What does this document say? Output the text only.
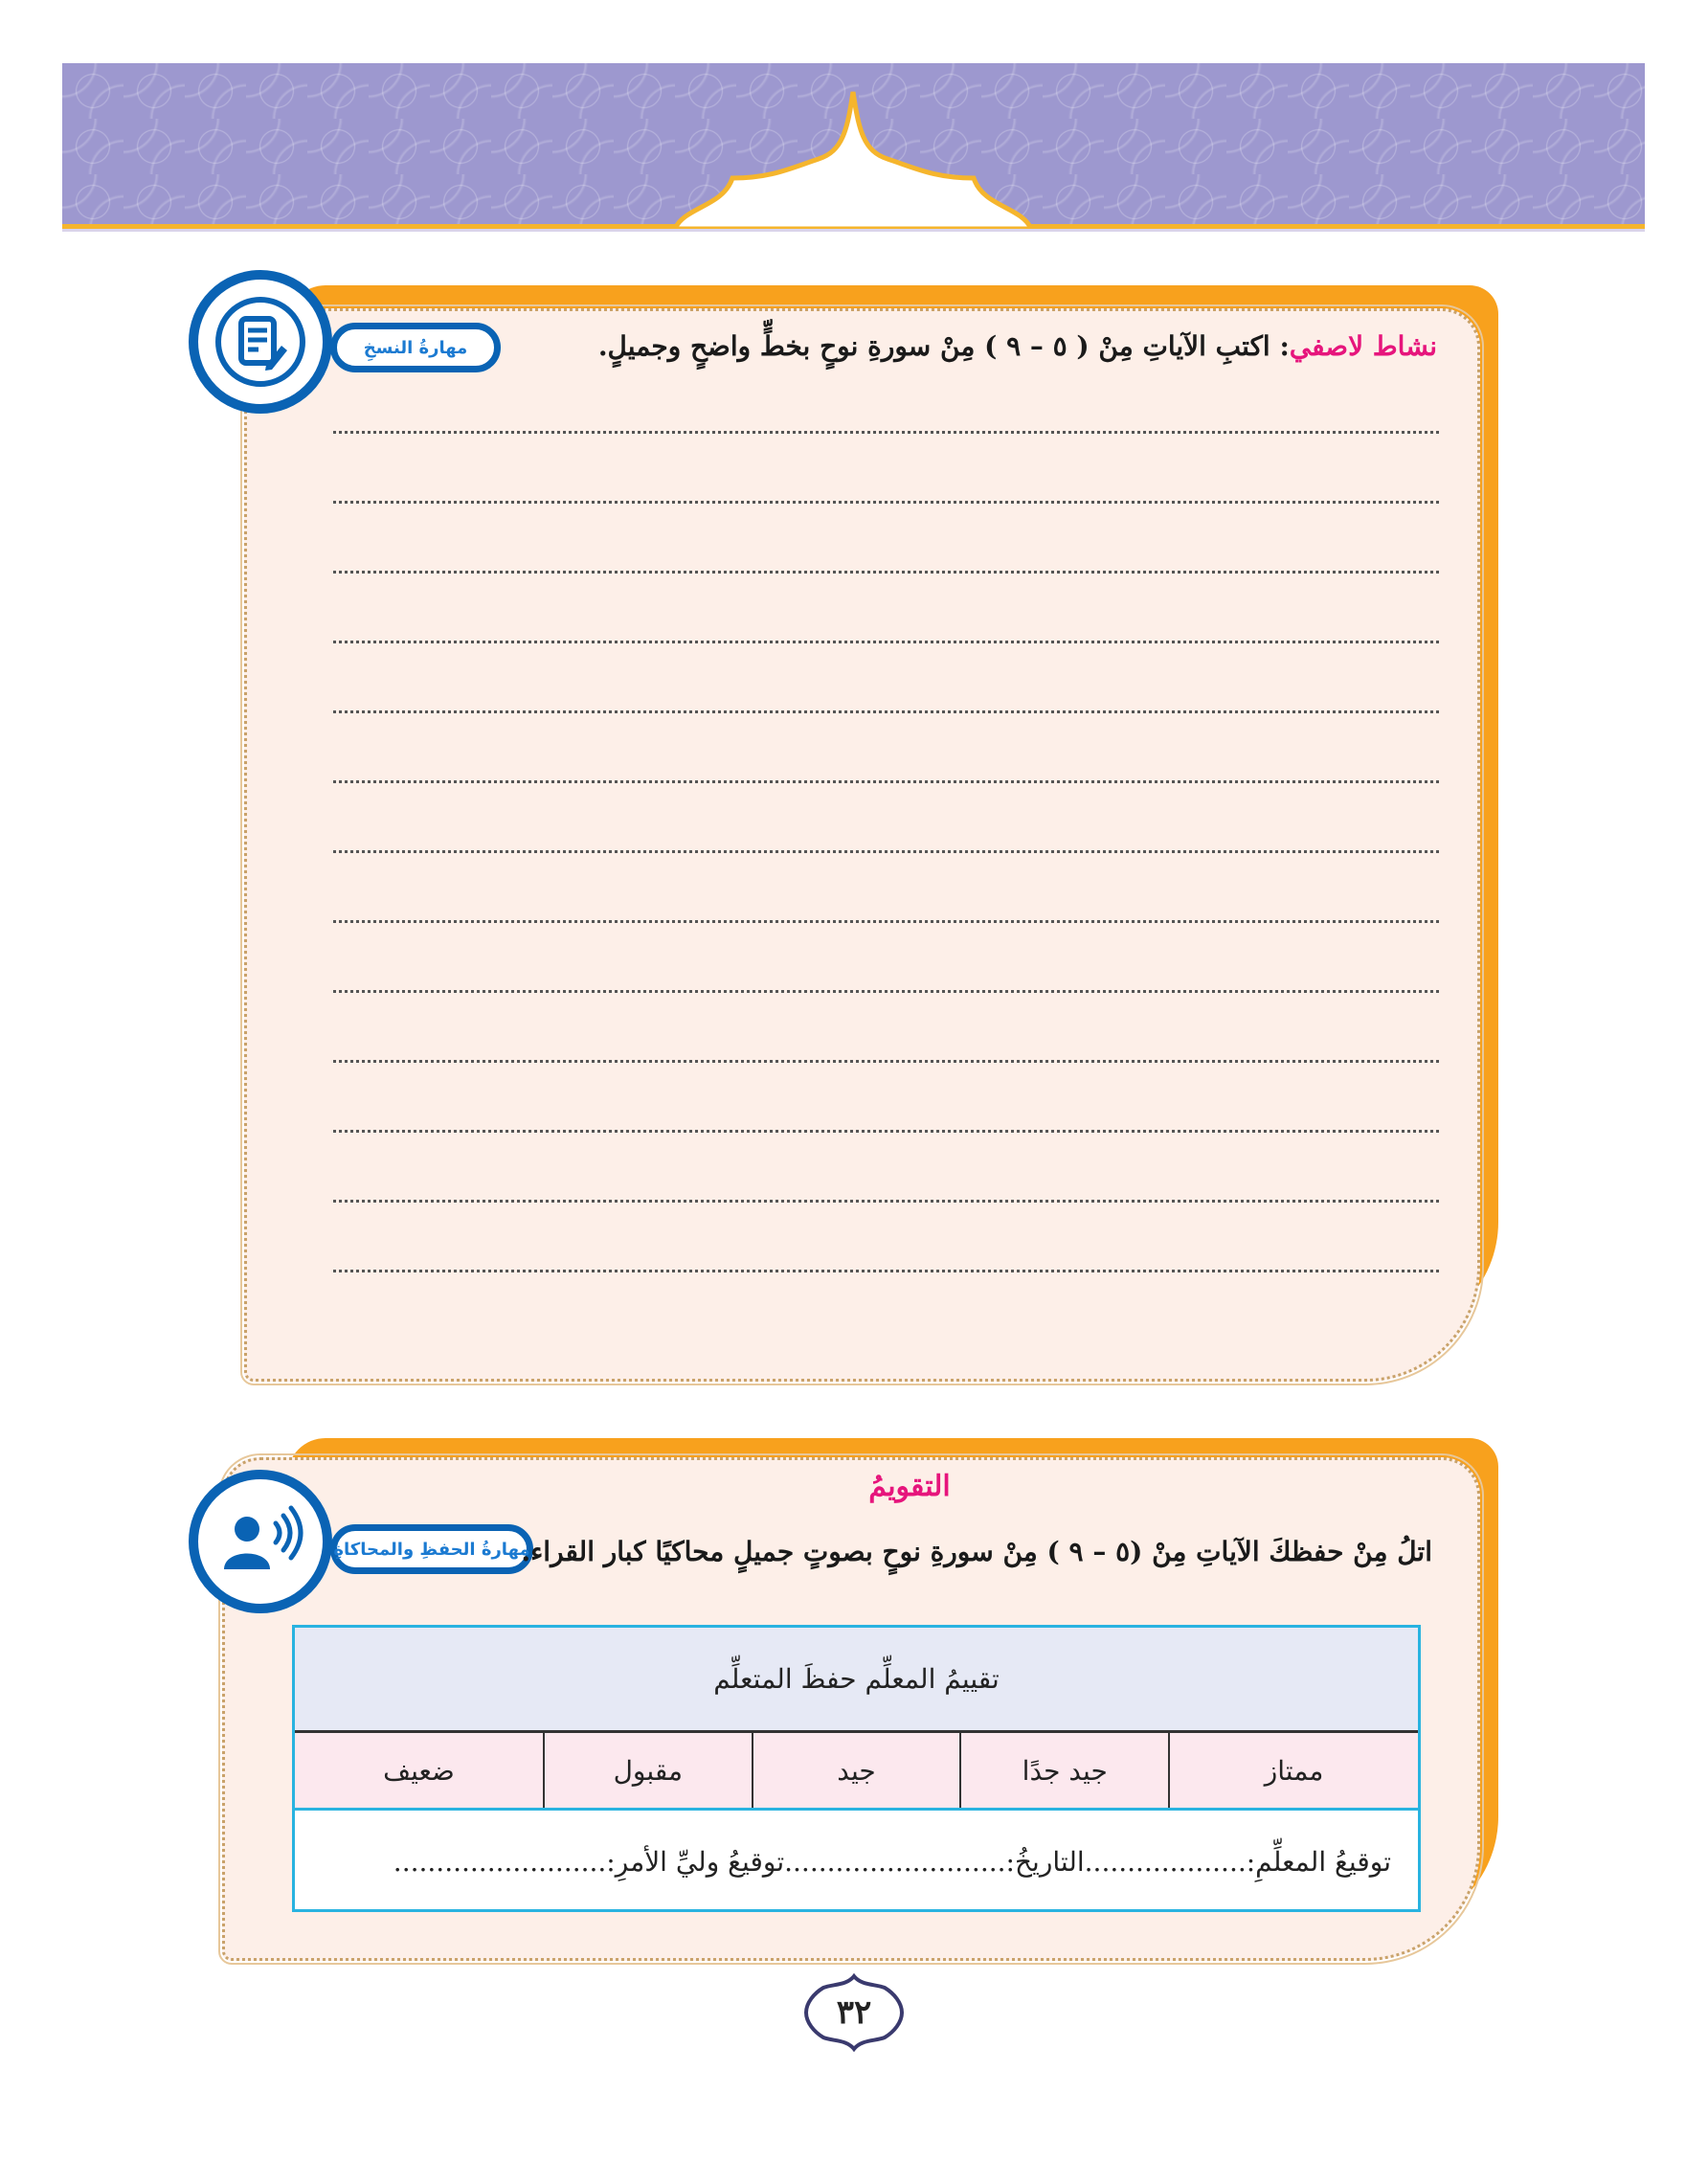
مهارةُ النسخِ	نشاط لاصفي: اكتبِ الآياتِ مِنْ ( ٥ – ٩ ) مِنْ سورةِ نوحٍ بخطٍّ واضحٍ وجميلٍ.
مهارةُ الحفظِ والمحاكاةِ
التقويمُ
اتلُ مِنْ حفظكَ الآياتِ مِنْ (٥ – ٩ ) مِنْ سورةِ نوحٍ بصوتٍ جميلٍ محاكيًا كبار القراء.
تقييمُ المعلِّم حفظَ المتعلِّم
ممتاز
جيد جدًا
جيد
مقبول
ضعيف
توقيعُ المعلِّمِ:...................التاريخُ:..........................توقيعُ وليِّ الأمرِ:.........................
٣٢
